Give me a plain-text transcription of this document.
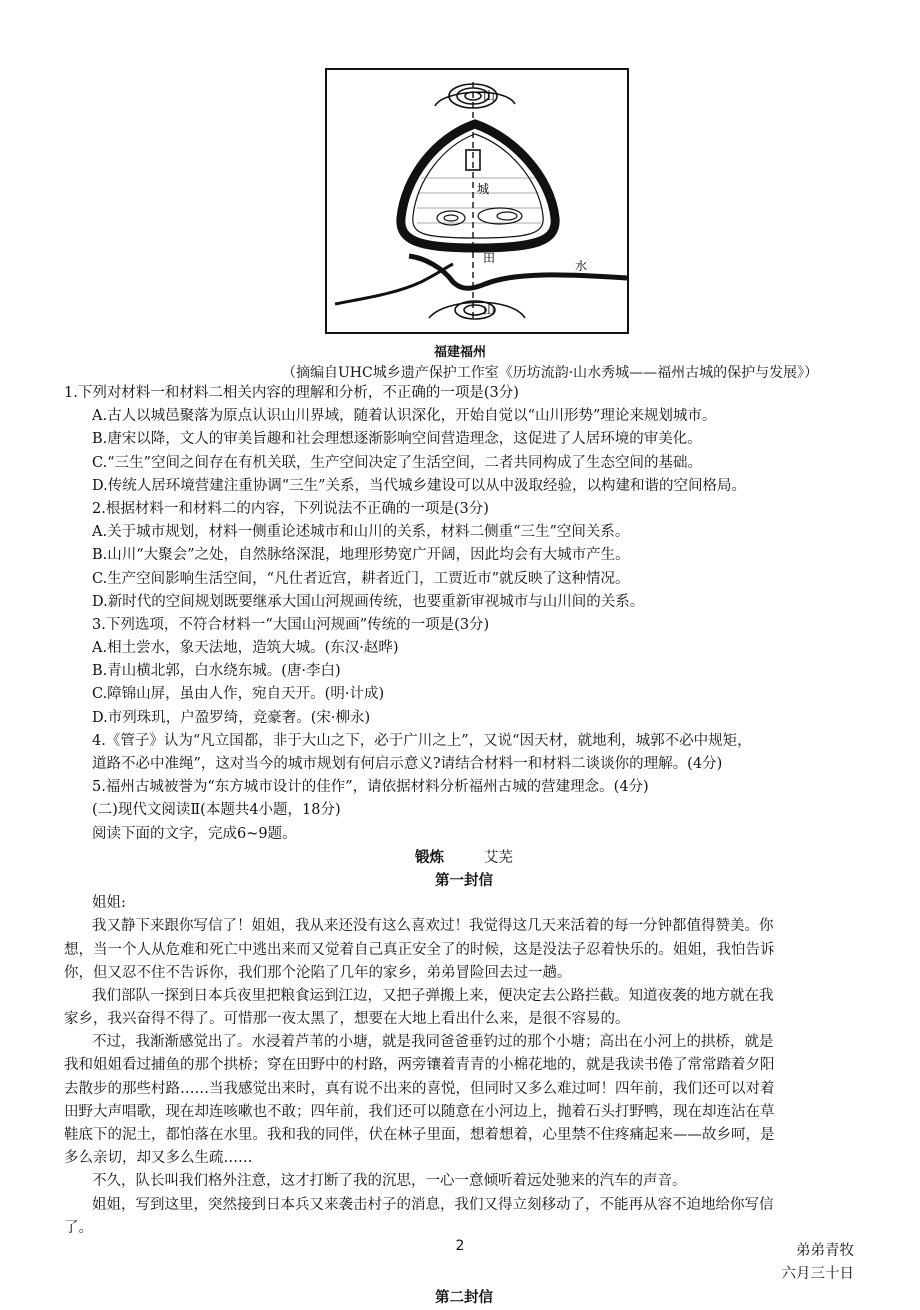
山
城
田
水
山
福建福州
（摘编自UHC城乡遗产保护工作室《历坊流韵·山水秀城——福州古城的保护与发展》）
1.下列对材料一和材料二相关内容的理解和分析，不正确的一项是(3分)
A.古人以城邑聚落为原点认识山川界域，随着认识深化，开始自觉以“山川形势”理论来规划城市。
B.唐宋以降，文人的审美旨趣和社会理想逐渐影响空间营造理念，这促进了人居环境的审美化。
C.“三生”空间之间存在有机关联，生产空间决定了生活空间，二者共同构成了生态空间的基础。
D.传统人居环境营建注重协调“三生”关系，当代城乡建设可以从中汲取经验，以构建和谐的空间格局。
2.根据材料一和材料二的内容，下列说法不正确的一项是(3分)
A.关于城市规划，材料一侧重论述城市和山川的关系，材料二侧重“三生”空间关系。
B.山川“大聚会”之处，自然脉络深混，地理形势宽广开阔，因此均会有大城市产生。
C.生产空间影响生活空间，“凡仕者近宫，耕者近门，工贾近市”就反映了这种情况。
D.新时代的空间规划既要继承大国山河规画传统，也要重新审视城市与山川间的关系。
3.下列选项，不符合材料一“大国山河规画”传统的一项是(3分)
A.相土尝水，象天法地，造筑大城。(东汉·赵晔)
B.青山横北郭，白水绕东城。(唐·李白)
C.障锦山屏，虽由人作，宛自天开。(明·计成)
D.市列珠玑，户盈罗绮，竞豪奢。(宋·柳永)
4.《管子》认为“凡立国都，非于大山之下，必于广川之上”，又说“因天材，就地利，城郭不必中规矩，
道路不必中准绳”，这对当今的城市规划有何启示意义?请结合材料一和材料二谈谈你的理解。(4分)
5.福州古城被誉为“东方城市设计的佳作”，请依据材料分析福州古城的营建理念。(4分)
(二)现代文阅读Ⅱ(本题共4小题，18分)
阅读下面的文字，完成6~9题。
锻炼	艾芜
第一封信
姐姐:
我又静下来跟你写信了！姐姐，我从来还没有这么喜欢过！我觉得这几天来活着的每一分钟都值得赞美。你
想，当一个人从危难和死亡中逃出来而又觉着自己真正安全了的时候，这是没法子忍着快乐的。姐姐，我怕告诉
你，但又忍不住不告诉你，我们那个沦陷了几年的家乡，弟弟冒险回去过一趟。
我们部队一探到日本兵夜里把粮食运到江边，又把子弹搬上来，便决定去公路拦截。知道夜袭的地方就在我
家乡，我兴奋得不得了。可惜那一夜太黑了，想要在大地上看出什么来，是很不容易的。
不过，我渐渐感觉出了。水浸着芦苇的小塘，就是我同爸爸垂钓过的那个小塘；高出在小河上的拱桥，就是
我和姐姐看过捕鱼的那个拱桥；穿在田野中的村路，两旁镶着青青的小棉花地的，就是我读书倦了常常踏着夕阳
去散步的那些村路……当我感觉出来时，真有说不出来的喜悦，但同时又多么难过呵！四年前，我们还可以对着
田野大声唱歌，现在却连咳嗽也不敢；四年前，我们还可以随意在小河边上，抛着石头打野鸭，现在却连沾在草
鞋底下的泥土，都怕落在水里。我和我的同伴，伏在林子里面，想着想着，心里禁不住疼痛起来——故乡呵，是
多么亲切，却又多么生疏……
不久，队长叫我们格外注意，这才打断了我的沉思，一心一意倾听着远处驰来的汽车的声音。
姐姐，写到这里，突然接到日本兵又来袭击村子的消息，我们又得立刻移动了，不能再从容不迫地给你写信
了。
弟弟青牧
六月三十日
第二封信
2
